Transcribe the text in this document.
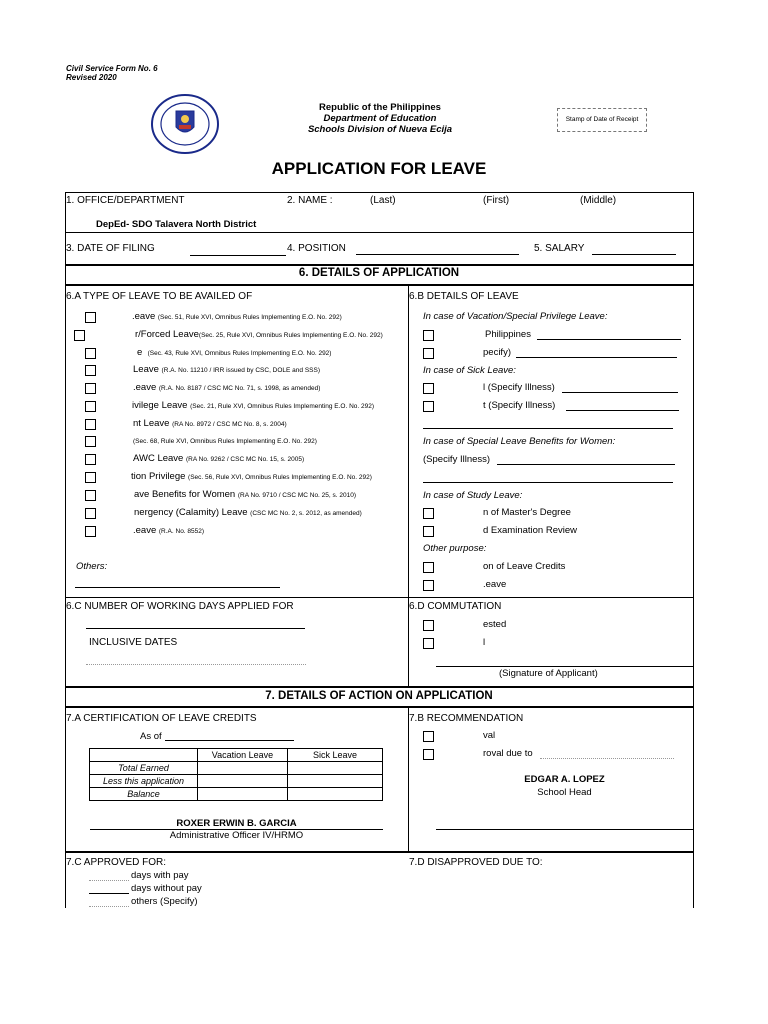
Civil Service Form No. 6
Revised 2020
Republic of the Philippines
Department of Education
Schools Division of Nueva Ecija
Stamp of Date of Receipt
APPLICATION FOR LEAVE
1. OFFICE/DEPARTMENT	2. NAME :	(Last)	(First)	(Middle)
DepEd- SDO Talavera North District
3. DATE OF FILING	4. POSITION	5. SALARY
6. DETAILS OF APPLICATION
6.A TYPE OF LEAVE TO BE AVAILED OF
.eave (Sec. 51, Rule XVI, Omnibus Rules Implementing E.O. No. 292)
r/Forced Leave(Sec. 25, Rule XVI, Omnibus Rules Implementing E.O. No. 292)
e (Sec. 43, Rule XVI, Omnibus Rules Implementing E.O. No. 292)
Leave (R.A. No. 11210 / IRR issued by CSC, DOLE and SSS)
.eave (R.A. No. 8187 / CSC MC No. 71, s. 1998, as amended)
ivilege Leave (Sec. 21, Rule XVI, Omnibus Rules Implementing E.O. No. 292)
nt Leave (RA No. 8972 / CSC MC No. 8, s. 2004)
(Sec. 68, Rule XVI, Omnibus Rules Implementing E.O. No. 292)
AWC Leave (RA No. 9262 / CSC MC No. 15, s. 2005)
tion Privilege (Sec. 56, Rule XVI, Omnibus Rules Implementing E.O. No. 292)
ave Benefits for Women (RA No. 9710 / CSC MC No. 25, s. 2010)
nergency (Calamity) Leave (CSC MC No. 2, s. 2012, as amended)
.eave (R.A. No. 8552)
Others:
6.B DETAILS OF LEAVE
In case of Vacation/Special Privilege Leave:
Philippines
pecify)
In case of Sick Leave:
l (Specify Illness)
t (Specify Illness)
In case of Special Leave Benefits for Women:
(Specify Illness)
In case of Study Leave:
n of Master's Degree
d Examination Review
Other purpose:
on of Leave Credits
.eave
6.C NUMBER OF WORKING DAYS APPLIED FOR
INCLUSIVE DATES
6.D COMMUTATION
ested
l
(Signature of Applicant)
7. DETAILS OF ACTION ON APPLICATION
7.A CERTIFICATION OF LEAVE CREDITS
As of
	Vacation Leave	Sick Leave
Total Earned		
Less this application		
Balance		
ROXER ERWIN B. GARCIA
Administrative Officer IV/HRMO
7.B RECOMMENDATION
val
roval due to
EDGAR A. LOPEZ
School Head
7.C APPROVED FOR:
days with pay
days without pay
others (Specify)
7.D DISAPPROVED DUE TO:
